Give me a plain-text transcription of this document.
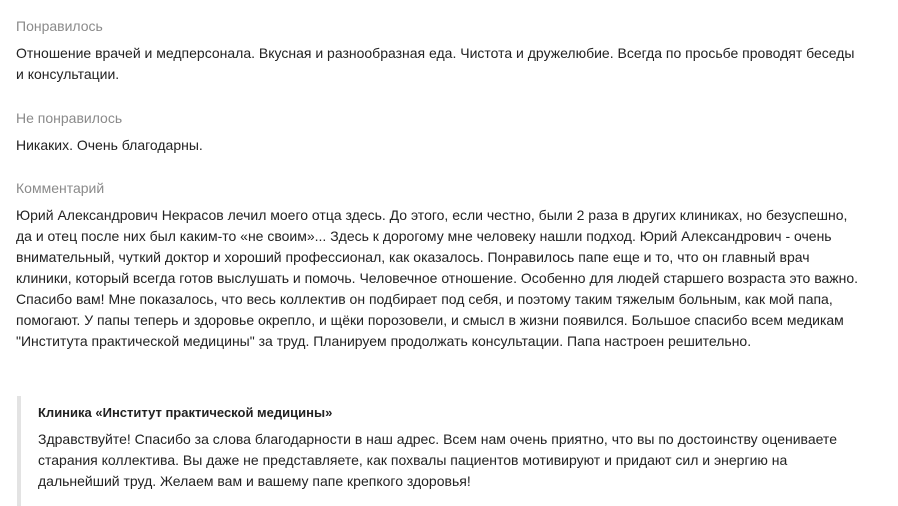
Понравилось

Отношение врачей и медперсонала. Вкусная и разнообразная еда. Чистота и дружелюбие. Всегда по просьбе проводят беседы и консультации.

Не понравилось

Никаких. Очень благодарны.

Комментарий

Юрий Александрович Некрасов лечил моего отца здесь. До этого, если честно, были 2 раза в других клиниках, но безуспешно, да и отец после них был каким-то «не своим»... Здесь к дорогому мне человеку нашли подход. Юрий Александрович - очень внимательный, чуткий доктор и хороший профессионал, как оказалось. Понравилось папе еще и то, что он главный врач клиники, который всегда готов выслушать и помочь. Человечное отношение. Особенно для людей старшего возраста это важно. Спасибо вам! Мне показалось, что весь коллектив он подбирает под себя, и поэтому таким тяжелым больным, как мой папа, помогают. У папы теперь и здоровье окрепло, и щёки порозовели, и смысл в жизни появился. Большое спасибо всем медикам "Института практической медицины" за труд. Планируем продолжать консультации. Папа настроен решительно.

Клиника «Институт практической медицины»

Здравствуйте! Спасибо за слова благодарности в наш адрес. Всем нам очень приятно, что вы по достоинству оцениваете старания коллектива. Вы даже не представляете, как похвалы пациентов мотивируют и придают сил и энергию на дальнейший труд. Желаем вам и вашему папе крепкого здоровья!
